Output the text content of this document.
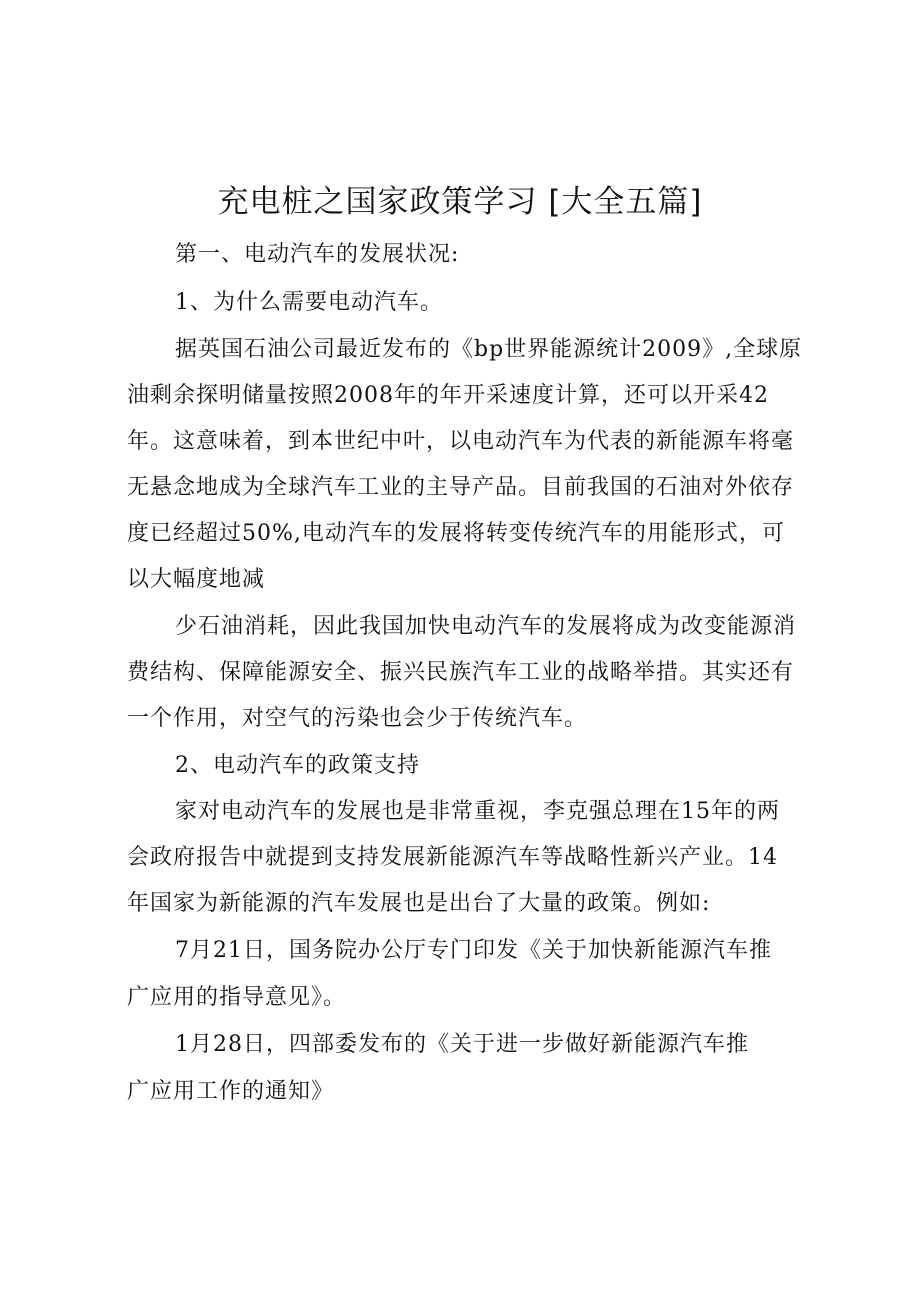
充电桩之国家政策学习 [大全五篇]
第一、电动汽车的发展状况:
1、为什么需要电动汽车。
据英国石油公司最近发布的《bp世界能源统计2009》,全球原
油剩余探明储量按照2008年的年开采速度计算，还可以开采42
年。这意味着，到本世纪中叶，以电动汽车为代表的新能源车将毫
无悬念地成为全球汽车工业的主导产品。目前我国的石油对外依存
度已经超过50%,电动汽车的发展将转变传统汽车的用能形式，可
以大幅度地减
少石油消耗，因此我国加快电动汽车的发展将成为改变能源消
费结构、保障能源安全、振兴民族汽车工业的战略举措。其实还有
一个作用，对空气的污染也会少于传统汽车。
2、电动汽车的政策支持
家对电动汽车的发展也是非常重视，李克强总理在15年的两
会政府报告中就提到支持发展新能源汽车等战略性新兴产业。14
年国家为新能源的汽车发展也是出台了大量的政策。例如:
7月21日，国务院办公厅专门印发《关于加快新能源汽车推
广应用的指导意见》。
1月28日，四部委发布的《关于进一步做好新能源汽车推
广应用工作的通知》
